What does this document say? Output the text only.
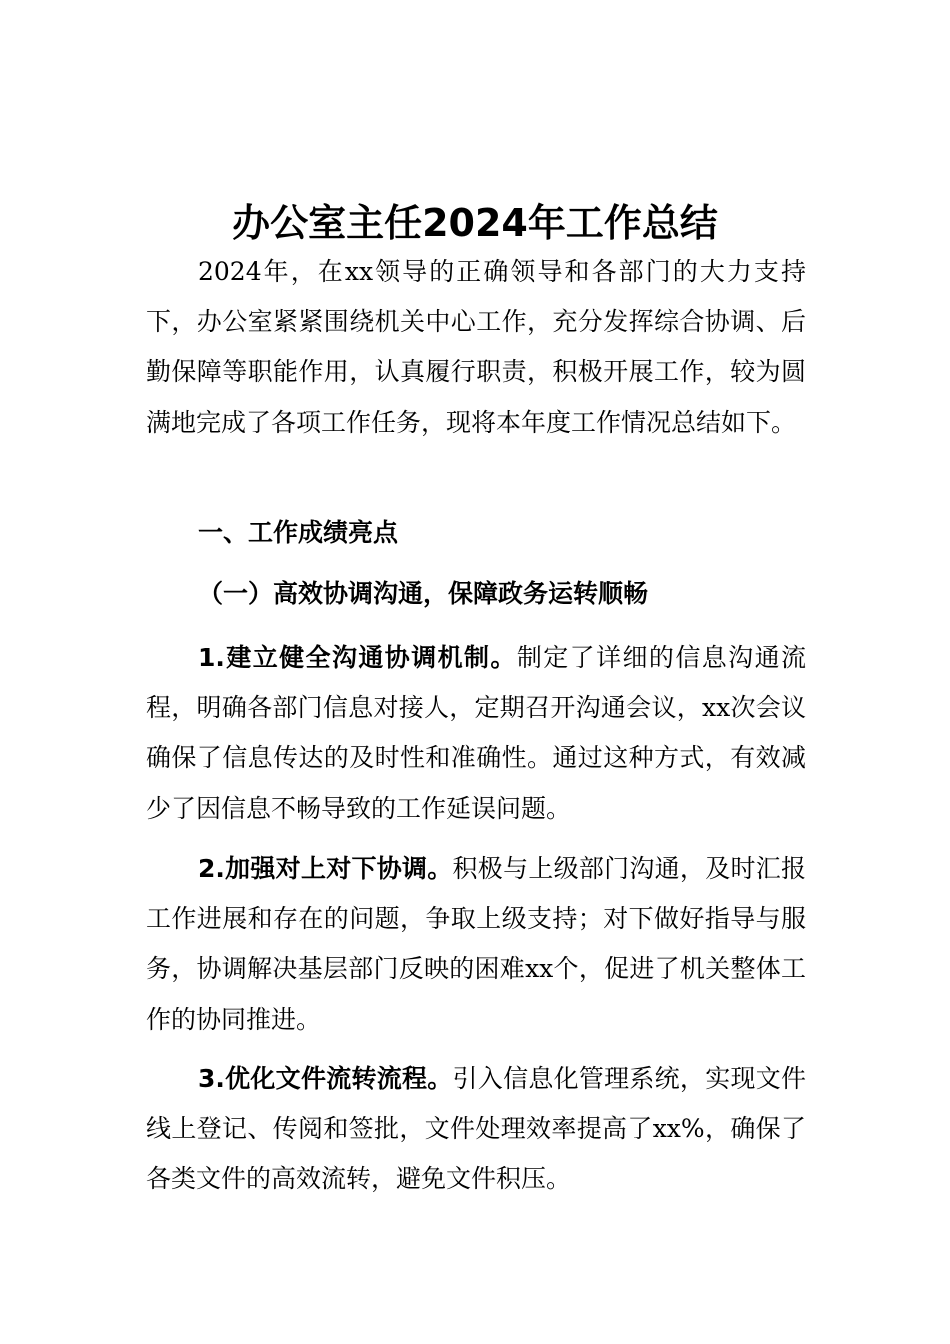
办公室主任2024年工作总结

2024年，在xx领导的正确领导和各部门的大力支持下，办公室紧紧围绕机关中心工作，充分发挥综合协调、后勤保障等职能作用，认真履行职责，积极开展工作，较为圆满地完成了各项工作任务，现将本年度工作情况总结如下。

一、工作成绩亮点
（一）高效协调沟通，保障政务运转顺畅

1.建立健全沟通协调机制。制定了详细的信息沟通流程，明确各部门信息对接人，定期召开沟通会议，xx次会议确保了信息传达的及时性和准确性。通过这种方式，有效减少了因信息不畅导致的工作延误问题。

2.加强对上对下协调。积极与上级部门沟通，及时汇报工作进展和存在的问题，争取上级支持；对下做好指导与服务，协调解决基层部门反映的困难xx个，促进了机关整体工作的协同推进。

3.优化文件流转流程。引入信息化管理系统，实现文件线上登记、传阅和签批，文件处理效率提高了xx%，确保了各类文件的高效流转，避免文件积压。
